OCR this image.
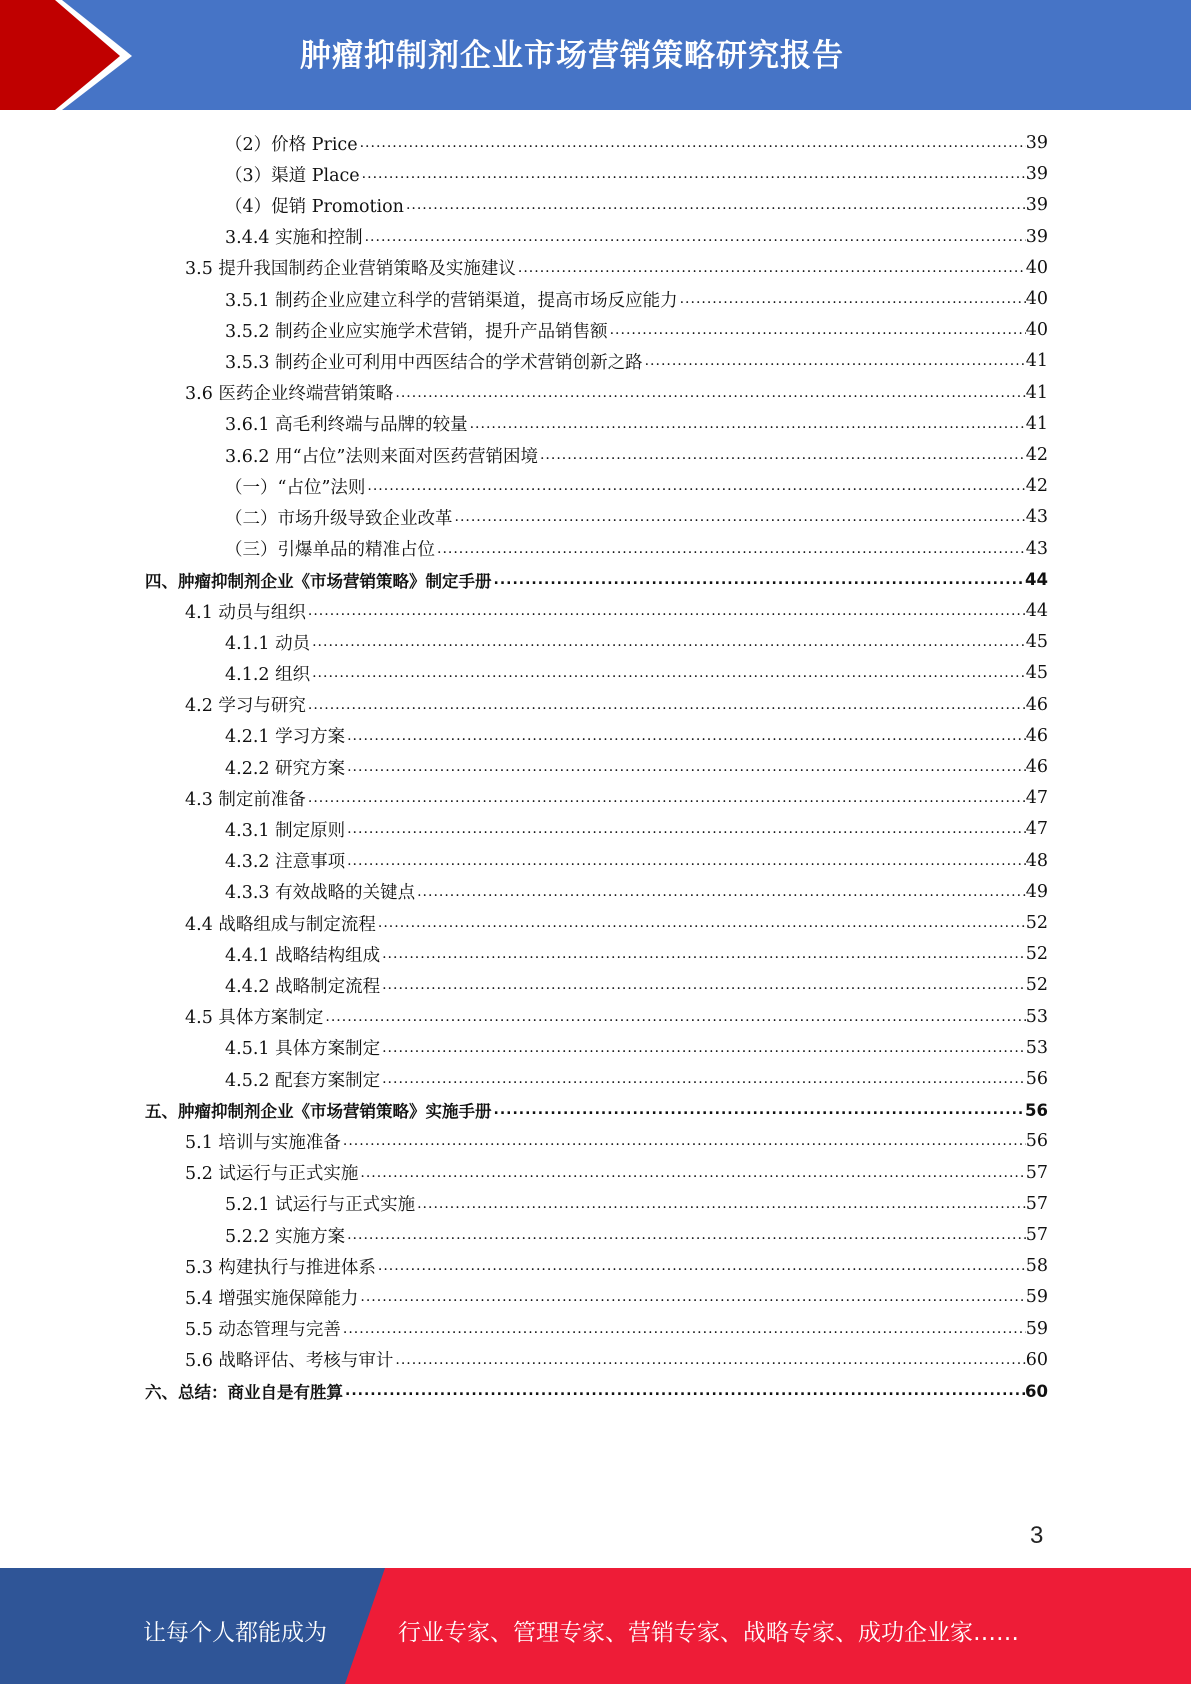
肿瘤抑制剂企业市场营销策略研究报告
（2）价格 Price .....	39
（3）渠道 Place .....	39
（4）促销 Promotion .....	39
3.4.4 实施和控制 .....	39
3.5 提升我国制药企业营销策略及实施建议 .....	40
3.5.1 制药企业应建立科学的营销渠道，提高市场反应能力 .....	40
3.5.2 制药企业应实施学术营销，提升产品销售额 .....	40
3.5.3 制药企业可利用中西医结合的学术营销创新之路 .....	41
3.6 医药企业终端营销策略 .....	41
3.6.1 高毛利终端与品牌的较量 .....	41
3.6.2 用“占位”法则来面对医药营销困境 .....	42
（一）“占位”法则 .....	42
（二）市场升级导致企业改革 .....	43
（三）引爆单品的精准占位 .....	43
四、肿瘤抑制剂企业《市场营销策略》制定手册 .....	44
4.1 动员与组织 .....	44
4.1.1 动员 .....	45
4.1.2 组织 .....	45
4.2 学习与研究 .....	46
4.2.1 学习方案 .....	46
4.2.2 研究方案 .....	46
4.3 制定前准备 .....	47
4.3.1 制定原则 .....	47
4.3.2 注意事项 .....	48
4.3.3 有效战略的关键点 .....	49
4.4 战略组成与制定流程 .....	52
4.4.1 战略结构组成 .....	52
4.4.2 战略制定流程 .....	52
4.5 具体方案制定 .....	53
4.5.1 具体方案制定 .....	53
4.5.2 配套方案制定 .....	56
五、肿瘤抑制剂企业《市场营销策略》实施手册 .....	56
5.1 培训与实施准备 .....	56
5.2 试运行与正式实施 .....	57
5.2.1 试运行与正式实施 .....	57
5.2.2 实施方案 .....	57
5.3 构建执行与推进体系 .....	58
5.4 增强实施保障能力 .....	59
5.5 动态管理与完善 .....	59
5.6 战略评估、考核与审计 .....	60
六、总结：商业自是有胜算 .....	60
3
让每个人都能成为	行业专家、管理专家、营销专家、战略专家、成功企业家……
